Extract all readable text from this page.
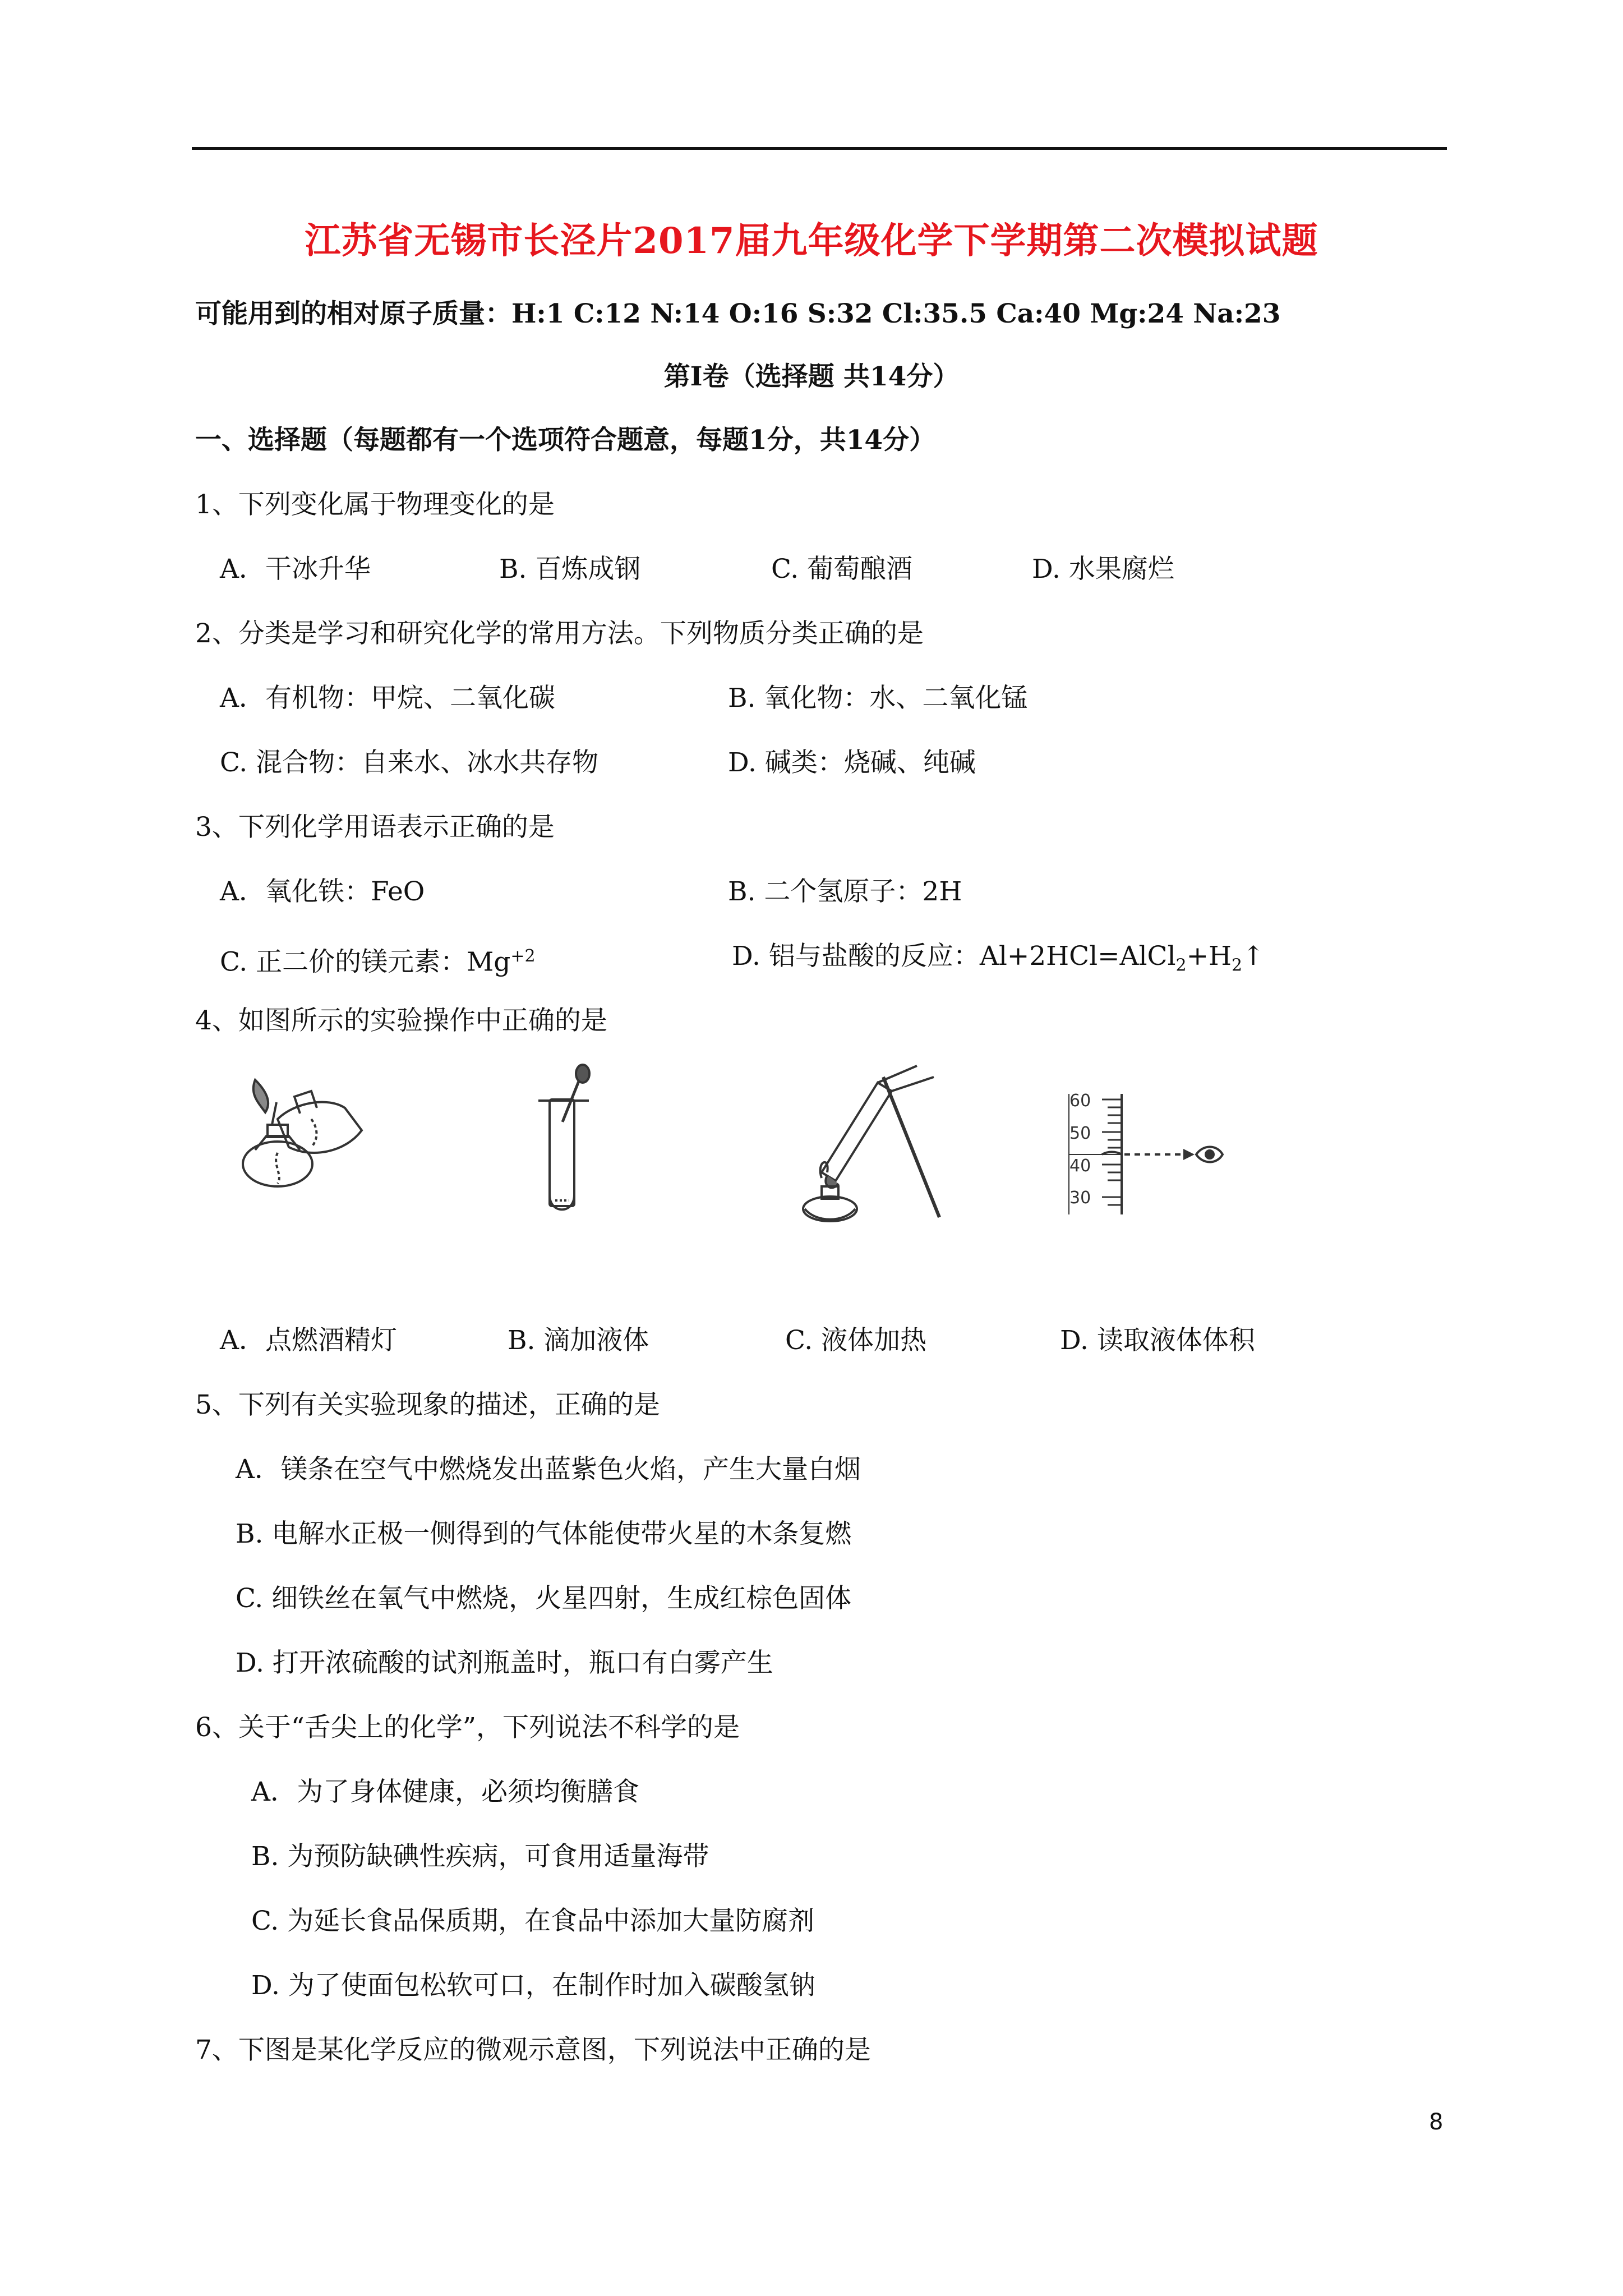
江苏省无锡市长泾片2017届九年级化学下学期第二次模拟试题
可能用到的相对原子质量：H:1 C:12 N:14 O:16 S:32 Cl:35.5 Ca:40 Mg:24 Na:23
第Ⅰ卷（选择题 共14分）
一、选择题（每题都有一个选项符合题意，每题1分，共14分）
1、下列变化属于物理变化的是
A．干冰升华	B. 百炼成钢	C. 葡萄酿酒	D. 水果腐烂
2、分类是学习和研究化学的常用方法。下列物质分类正确的是
A．有机物：甲烷、二氧化碳	B. 氧化物：水、二氧化锰
C. 混合物：自来水、冰水共存物	D. 碱类：烧碱、纯碱
3、下列化学用语表示正确的是
A．氧化铁：FeO	B. 二个氢原子：2H
C. 正二价的镁元素：$Mg^{+2}$	D. 铝与盐酸的反应：$Al+2HCl=AlCl_2+H_2↑$
4、如图所示的实验操作中正确的是
60
50
40
30
A．点燃酒精灯	B. 滴加液体	C. 液体加热	D. 读取液体体积
5、下列有关实验现象的描述，正确的是
A．镁条在空气中燃烧发出蓝紫色火焰，产生大量白烟
B. 电解水正极一侧得到的气体能使带火星的木条复燃
C. 细铁丝在氧气中燃烧，火星四射，生成红棕色固体
D. 打开浓硫酸的试剂瓶盖时，瓶口有白雾产生
6、关于“舌尖上的化学”，下列说法不科学的是
A．为了身体健康，必须均衡膳食
B. 为预防缺碘性疾病，可食用适量海带
C. 为延长食品保质期，在食品中添加大量防腐剂
D. 为了使面包松软可口，在制作时加入碳酸氢钠
7、下图是某化学反应的微观示意图，下列说法中正确的是
8
